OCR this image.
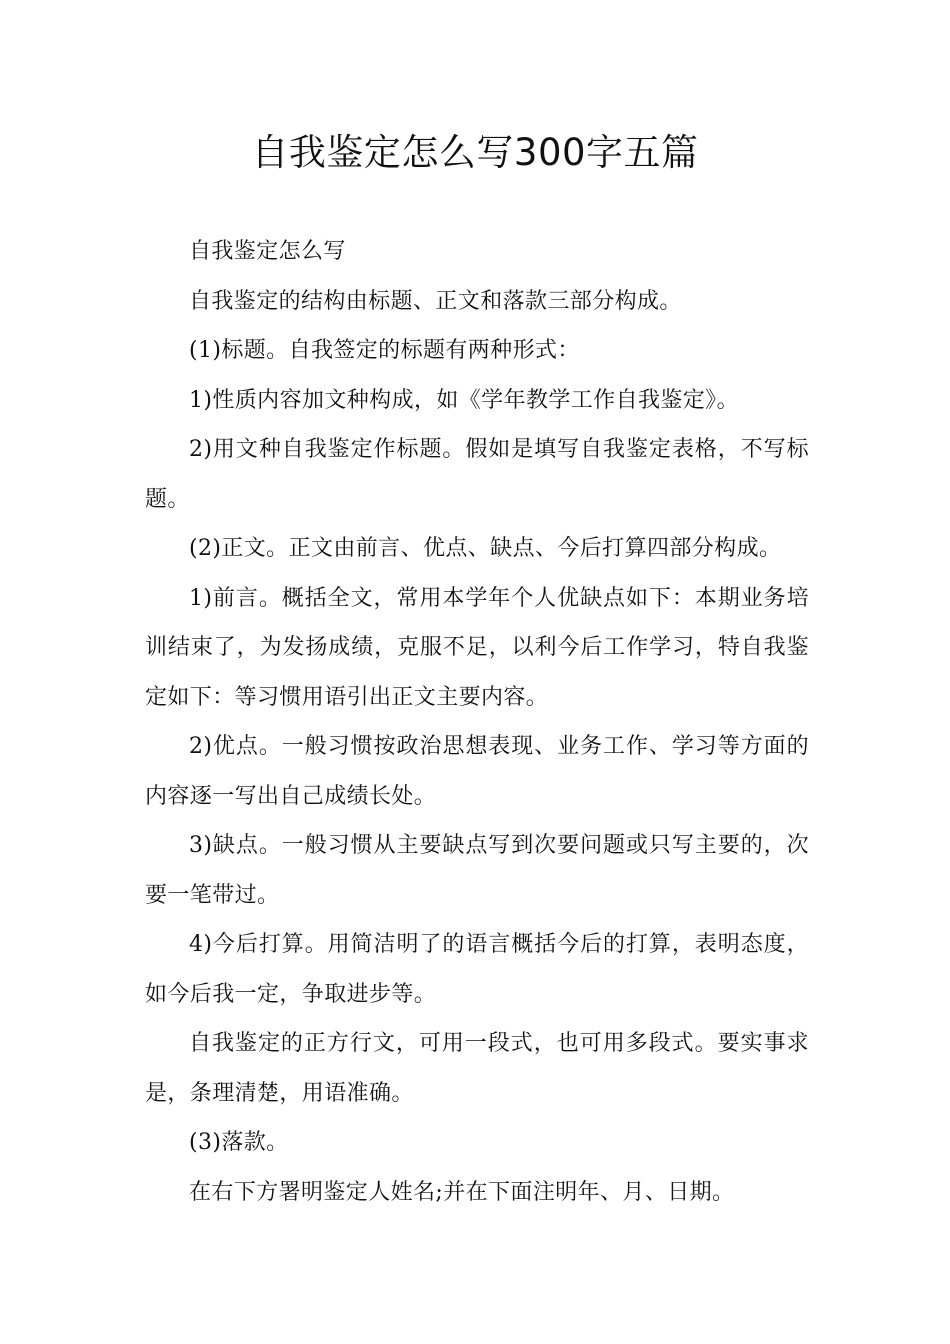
自我鉴定怎么写300字五篇

自我鉴定怎么写

自我鉴定的结构由标题、正文和落款三部分构成。

(1)标题。自我签定的标题有两种形式：

1)性质内容加文种构成，如《学年教学工作自我鉴定》。

2)用文种自我鉴定作标题。假如是填写自我鉴定表格，不写标题。

(2)正文。正文由前言、优点、缺点、今后打算四部分构成。

1)前言。概括全文，常用本学年个人优缺点如下：本期业务培训结束了，为发扬成绩，克服不足，以利今后工作学习，特自我鉴定如下：等习惯用语引出正文主要内容。

2)优点。一般习惯按政治思想表现、业务工作、学习等方面的内容逐一写出自己成绩长处。

3)缺点。一般习惯从主要缺点写到次要问题或只写主要的，次要一笔带过。

4)今后打算。用简洁明了的语言概括今后的打算，表明态度，如今后我一定，争取进步等。

自我鉴定的正方行文，可用一段式，也可用多段式。要实事求是，条理清楚，用语准确。

(3)落款。

在右下方署明鉴定人姓名;并在下面注明年、月、日期。
